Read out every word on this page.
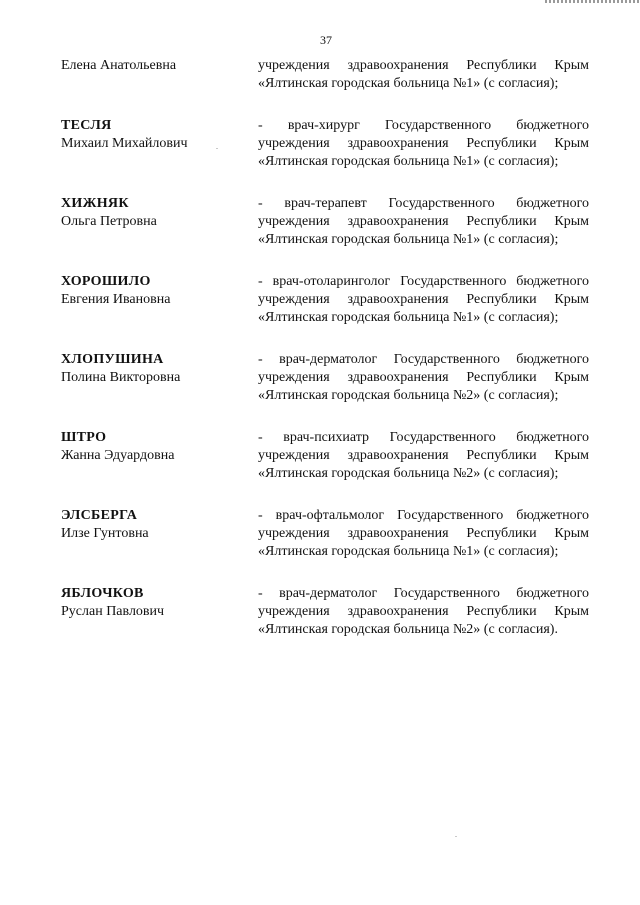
37
Елена Анатольевна	учреждения здравоохранения Республики Крым «Ялтинская городская больница №1» (с согласия);
ТЕСЛЯ
Михаил Михайлович
- врач-хирург Государственного бюджетного учреждения здравоохранения Республики Крым «Ялтинская городская больница №1» (с согласия);
ХИЖНЯК
Ольга Петровна
- врач-терапевт Государственного бюджетного учреждения здравоохранения Республики Крым «Ялтинская городская больница №1» (с согласия);
ХОРОШИЛО
Евгения Ивановна
- врач-отоларинголог Государственного бюджетного учреждения здравоохранения Республики Крым «Ялтинская городская больница №1» (с согласия);
ХЛОПУШИНА
Полина Викторовна
- врач-дерматолог Государственного бюджетного учреждения здравоохранения Республики Крым «Ялтинская городская больница №2» (с согласия);
ШТРО
Жанна Эдуардовна
- врач-психиатр Государственного бюджетного учреждения здравоохранения Республики Крым «Ялтинская городская больница №2» (с согласия);
ЭЛСБЕРГА
Илзе Гунтовна
- врач-офтальмолог Государственного бюджетного учреждения здравоохранения Республики Крым «Ялтинская городская больница №1» (с согласия);
ЯБЛОЧКОВ
Руслан Павлович
- врач-дерматолог Государственного бюджетного учреждения здравоохранения Республики Крым «Ялтинская городская больница №2» (с согласия).
